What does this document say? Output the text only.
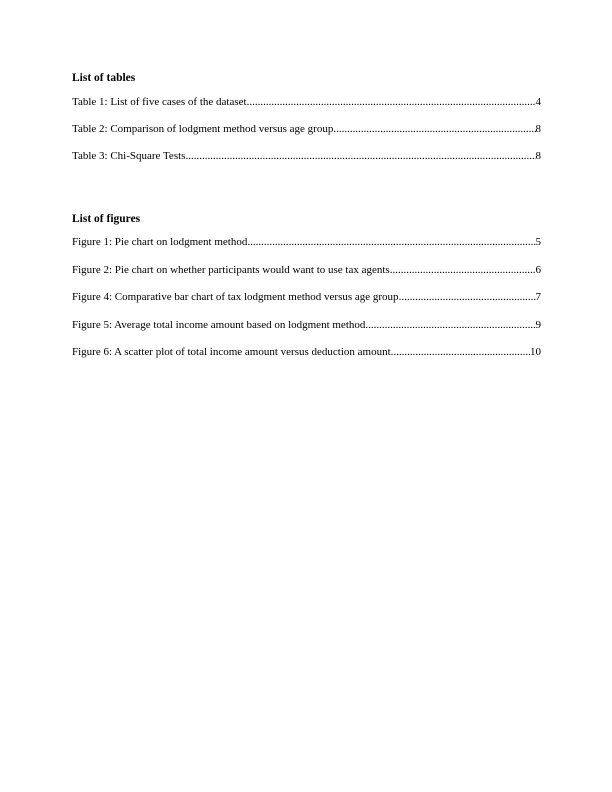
List of tables
Table 1: List of five cases of the dataset .....	4
Table 2: Comparison of lodgment method versus age group .....	8
Table 3: Chi-Square Tests .....	8
List of figures
Figure 1: Pie chart on lodgment method .....	5
Figure 2: Pie chart on whether participants would want to use tax agents .....	6
Figure 4: Comparative bar chart of tax lodgment method versus age group .....	7
Figure 5: Average total income amount based on lodgment method .....	9
Figure 6: A scatter plot of total income amount versus deduction amount .....	10
